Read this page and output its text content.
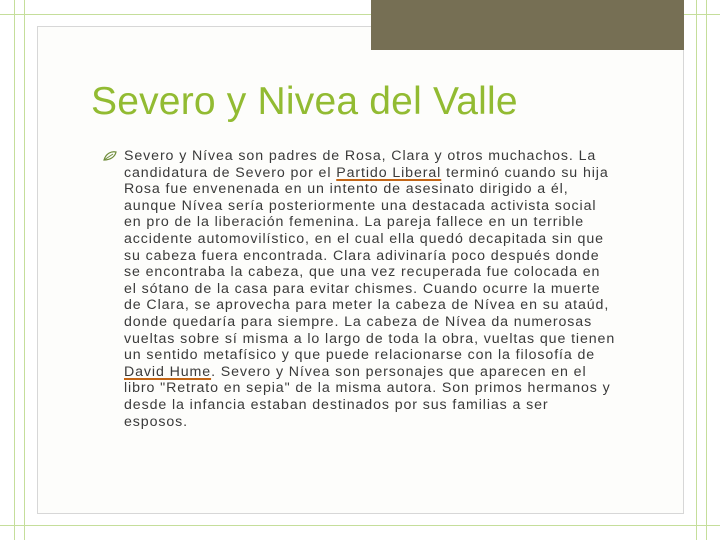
Severo y Nivea del Valle

Severo y Nívea son padres de Rosa, Clara y otros muchachos. La candidatura de Severo por el Partido Liberal terminó cuando su hija Rosa fue envenenada en un intento de asesinato dirigido a él, aunque Nívea sería posteriormente una destacada activista social en pro de la liberación femenina. La pareja fallece en un terrible accidente automovilístico, en el cual ella quedó decapitada sin que su cabeza fuera encontrada. Clara adivinaría poco después donde se encontraba la cabeza, que una vez recuperada fue colocada en el sótano de la casa para evitar chismes. Cuando ocurre la muerte de Clara, se aprovecha para meter la cabeza de Nívea en su ataúd, donde quedaría para siempre. La cabeza de Nívea da numerosas vueltas sobre sí misma a lo largo de toda la obra, vueltas que tienen un sentido metafísico y que puede relacionarse con la filosofía de David Hume. Severo y Nívea son personajes que aparecen en el libro "Retrato en sepia" de la misma autora. Son primos hermanos y desde la infancia estaban destinados por sus familias a ser esposos.
